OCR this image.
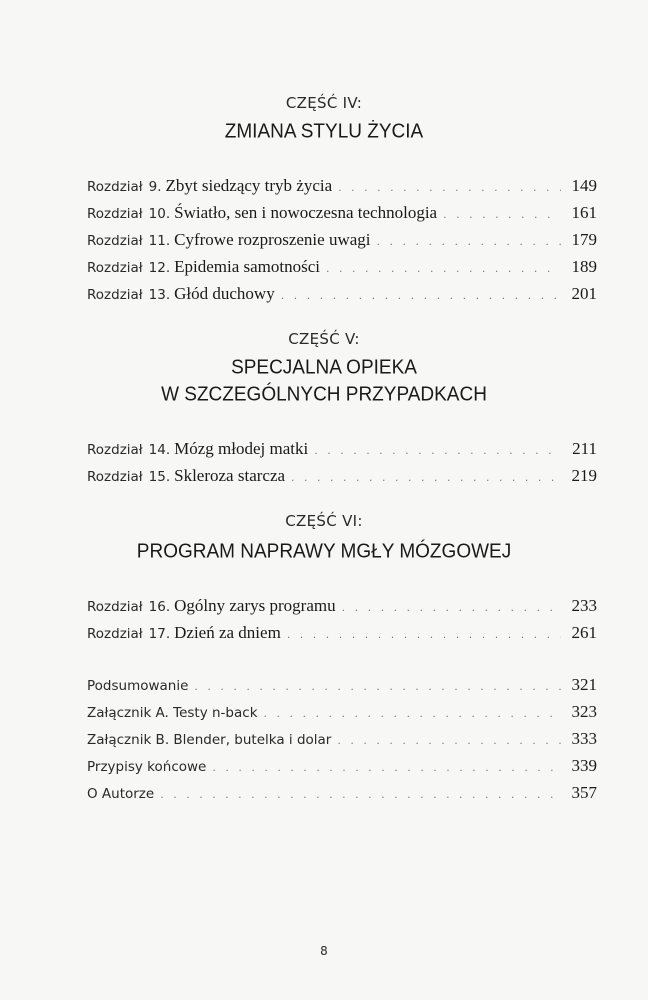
CZĘŚĆ IV:
ZMIANA STYLU ŻYCIA
Rozdział 9. Zbyt siedzący tryb życia . . .	149
Rozdział 10. Światło, sen i nowoczesna technologia . . .	161
Rozdział 11. Cyfrowe rozproszenie uwagi . . .	179
Rozdział 12. Epidemia samotności . . .	189
Rozdział 13. Głód duchowy . . .	201
CZĘŚĆ V:
SPECJALNA OPIEKA
W SZCZEGÓLNYCH PRZYPADKACH
Rozdział 14. Mózg młodej matki . . .	211
Rozdział 15. Skleroza starcza . . .	219
CZĘŚĆ VI:
PROGRAM NAPRAWY MGŁY MÓZGOWEJ
Rozdział 16. Ogólny zarys programu . . .	233
Rozdział 17. Dzień za dniem . . .	261
Podsumowanie . . .	321
Załącznik A. Testy n-back . . .	323
Załącznik B. Blender, butelka i dolar . . .	333
Przypisy końcowe . . .	339
O Autorze . . .	357
8
